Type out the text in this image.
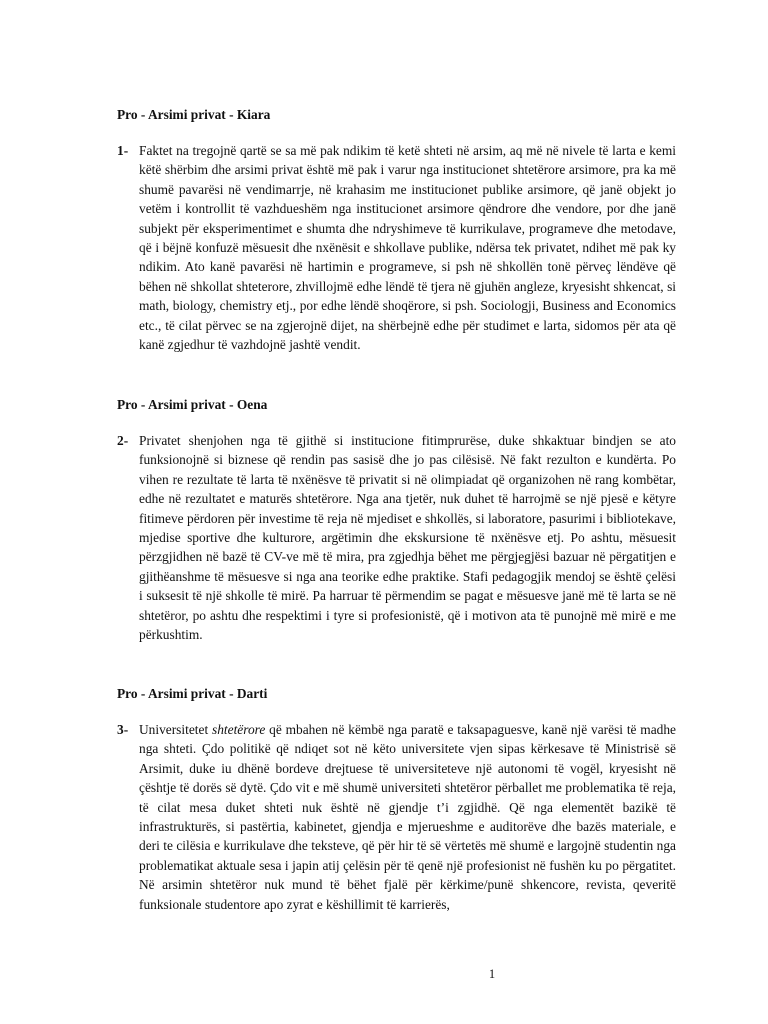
Pro - Arsimi privat - Kiara

1- Faktet na tregojnë qartë se sa më pak ndikim të ketë shteti në arsim, aq më në nivele të larta e kemi këtë shërbim dhe arsimi privat është më pak i varur nga institucionet shtetërore arsimore, pra ka më shumë pavarësi në vendimarrje, në krahasim me institucionet publike arsimore, që janë objekt jo vetëm i kontrollit të vazhdueshëm nga institucionet arsimore qëndrore dhe vendore, por dhe janë subjekt për eksperimentimet e shumta dhe ndryshimeve të kurrikulave, programeve dhe metodave, që i bëjnë konfuzë mësuesit dhe nxënësit e shkollave publike, ndërsa tek privatet, ndihet më pak ky ndikim. Ato kanë pavarësi në hartimin e programeve, si psh në shkollën tonë përveç lëndëve që bëhen në shkollat shteterore, zhvillojmë edhe lëndë të tjera në gjuhën angleze, kryesisht shkencat, si math, biology, chemistry etj., por edhe lëndë shoqërore, si psh. Sociologji, Business and Economics etc., të cilat përvec se na zgjerojnë dijet, na shërbejnë edhe për studimet e larta, sidomos për ata që kanë zgjedhur të vazhdojnë jashtë vendit.

Pro - Arsimi privat - Oena

2- Privatet shenjohen nga të gjithë si institucione fitimprurëse, duke shkaktuar bindjen se ato funksionojnë si biznese që rendin pas sasisë dhe jo pas cilësisë. Në fakt rezulton e kundërta. Po vihen re rezultate të larta të nxënësve të privatit si në olimpiadat që organizohen në rang kombëtar, edhe në rezultatet e maturës shtetërore. Nga ana tjetër, nuk duhet të harrojmë se një pjesë e këtyre fitimeve përdoren për investime të reja në mjediset e shkollës, si laboratore, pasurimi i bibliotekave, mjedise sportive dhe kulturore, argëtimin dhe ekskursione të nxënësve etj. Po ashtu, mësuesit përzgjidhen në bazë të CV-ve më të mira, pra zgjedhja bëhet me përgjegjësi bazuar në përgatitjen e gjithëanshme të mësuesve si nga ana teorike edhe praktike. Stafi pedagogjik mendoj se është çelësi i suksesit të një shkolle të mirë. Pa harruar të përmendim se pagat e mësuesve janë më të larta se në shtetëror, po ashtu dhe respektimi i tyre si profesionistë, që i motivon ata të punojnë më mirë e me përkushtim.

Pro - Arsimi privat - Darti

3- Universitetet shtetërore që mbahen në këmbë nga paratë e taksapaguesve, kanë një varësi të madhe nga shteti. Çdo politikë që ndiqet sot në këto universitete vjen sipas kërkesave të Ministrisë së Arsimit, duke iu dhënë bordeve drejtuese të universiteteve një autonomi të vogël, kryesisht në çështje të dorës së dytë. Çdo vit e më shumë universiteti shtetëror përballet me problematika të reja, të cilat mesa duket shteti nuk është në gjendje t’i zgjidhë. Që nga elementët bazikë të infrastrukturës, si pastërtia, kabinetet, gjendja e mjerueshme e auditorëve dhe bazës materiale, e deri te cilësia e kurrikulave dhe teksteve, që për hir të së vërtetës më shumë e largojnë studentin nga problematikat aktuale sesa i japin atij çelësin për të qenë një profesionist në fushën ku po përgatitet. Në arsimin shtetëror nuk mund të bëhet fjalë për kërkime/punë shkencore, revista, qeveritë funksionale studentore apo zyrat e këshillimit të karrierës,

1
